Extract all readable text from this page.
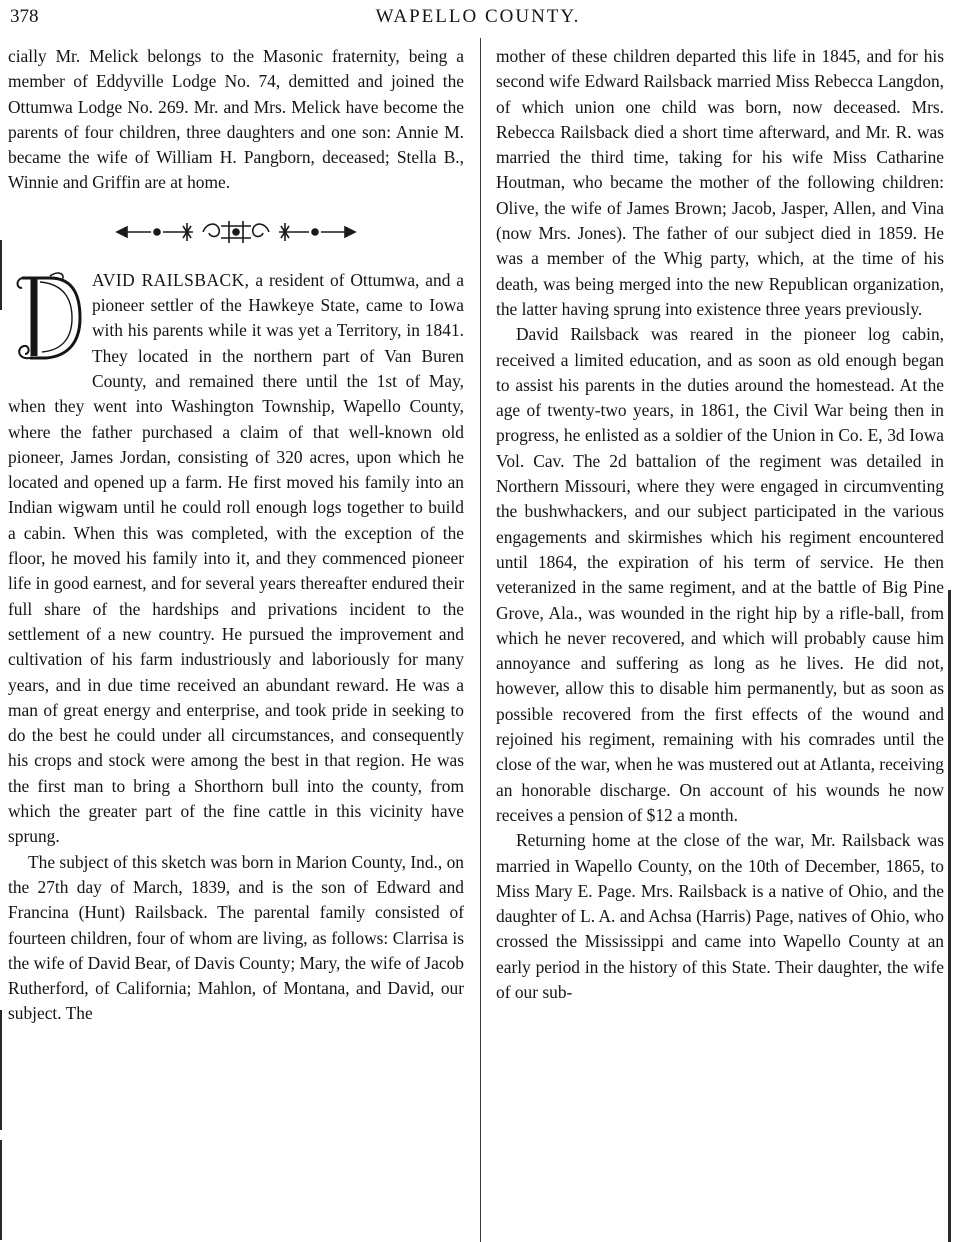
378	WAPELLO COUNTY.

cially Mr. Melick belongs to the Masonic fraternity, being a member of Eddyville Lodge No. 74, demitted and joined the Ottumwa Lodge No. 269. Mr. and Mrs. Melick have become the parents of four children, three daughters and one son: Annie M. became the wife of William H. Pangborn, deceased; Stella B., Winnie and Griffin are at home.

D

AVID RAILSBACK, a resident of Ottumwa, and a pioneer settler of the Hawkeye State, came to Iowa with his parents while it was yet a Territory, in 1841. They located in the northern part of Van Buren County, and remained there until the 1st of May, when they went into Washington Township, Wapello County, where the father purchased a claim of that well-known old pioneer, James Jordan, consisting of 320 acres, upon which he located and opened up a farm. He first moved his family into an Indian wigwam until he could roll enough logs together to build a cabin. When this was completed, with the exception of the floor, he moved his family into it, and they commenced pioneer life in good earnest, and for several years thereafter endured their full share of the hardships and privations incident to the settlement of a new country. He pursued the improvement and cultivation of his farm industriously and laboriously for many years, and in due time received an abundant reward. He was a man of great energy and enterprise, and took pride in seeking to do the best he could under all circumstances, and consequently his crops and stock were among the best in that region. He was the first man to bring a Shorthorn bull into the county, from which the greater part of the fine cattle in this vicinity have sprung.

The subject of this sketch was born in Marion County, Ind., on the 27th day of March, 1839, and is the son of Edward and Francina (Hunt) Railsback. The parental family consisted of fourteen children, four of whom are living, as follows: Clarrisa is the wife of David Bear, of Davis County; Mary, the wife of Jacob Rutherford, of California; Mahlon, of Montana, and David, our subject. The

mother of these children departed this life in 1845, and for his second wife Edward Railsback married Miss Rebecca Langdon, of which union one child was born, now deceased. Mrs. Rebecca Railsback died a short time afterward, and Mr. R. was married the third time, taking for his wife Miss Catharine Houtman, who became the mother of the following children: Olive, the wife of James Brown; Jacob, Jasper, Allen, and Vina (now Mrs. Jones). The father of our subject died in 1859. He was a member of the Whig party, which, at the time of his death, was being merged into the new Republican organization, the latter having sprung into existence three years previously.

David Railsback was reared in the pioneer log cabin, received a limited education, and as soon as old enough began to assist his parents in the duties around the homestead. At the age of twenty-two years, in 1861, the Civil War being then in progress, he enlisted as a soldier of the Union in Co. E, 3d Iowa Vol. Cav. The 2d battalion of the regiment was detailed in Northern Missouri, where they were engaged in circumventing the bushwhackers, and our subject participated in the various engagements and skirmishes which his regiment encountered until 1864, the expiration of his term of service. He then veteranized in the same regiment, and at the battle of Big Pine Grove, Ala., was wounded in the right hip by a rifle-ball, from which he never recovered, and which will probably cause him annoyance and suffering as long as he lives. He did not, however, allow this to disable him permanently, but as soon as possible recovered from the first effects of the wound and rejoined his regiment, remaining with his comrades until the close of the war, when he was mustered out at Atlanta, receiving an honorable discharge. On account of his wounds he now receives a pension of $12 a month.

Returning home at the close of the war, Mr. Railsback was married in Wapello County, on the 10th of December, 1865, to Miss Mary E. Page. Mrs. Railsback is a native of Ohio, and the daughter of L. A. and Achsa (Harris) Page, natives of Ohio, who crossed the Mississippi and came into Wapello County at an early period in the history of this State. Their daughter, the wife of our sub-
